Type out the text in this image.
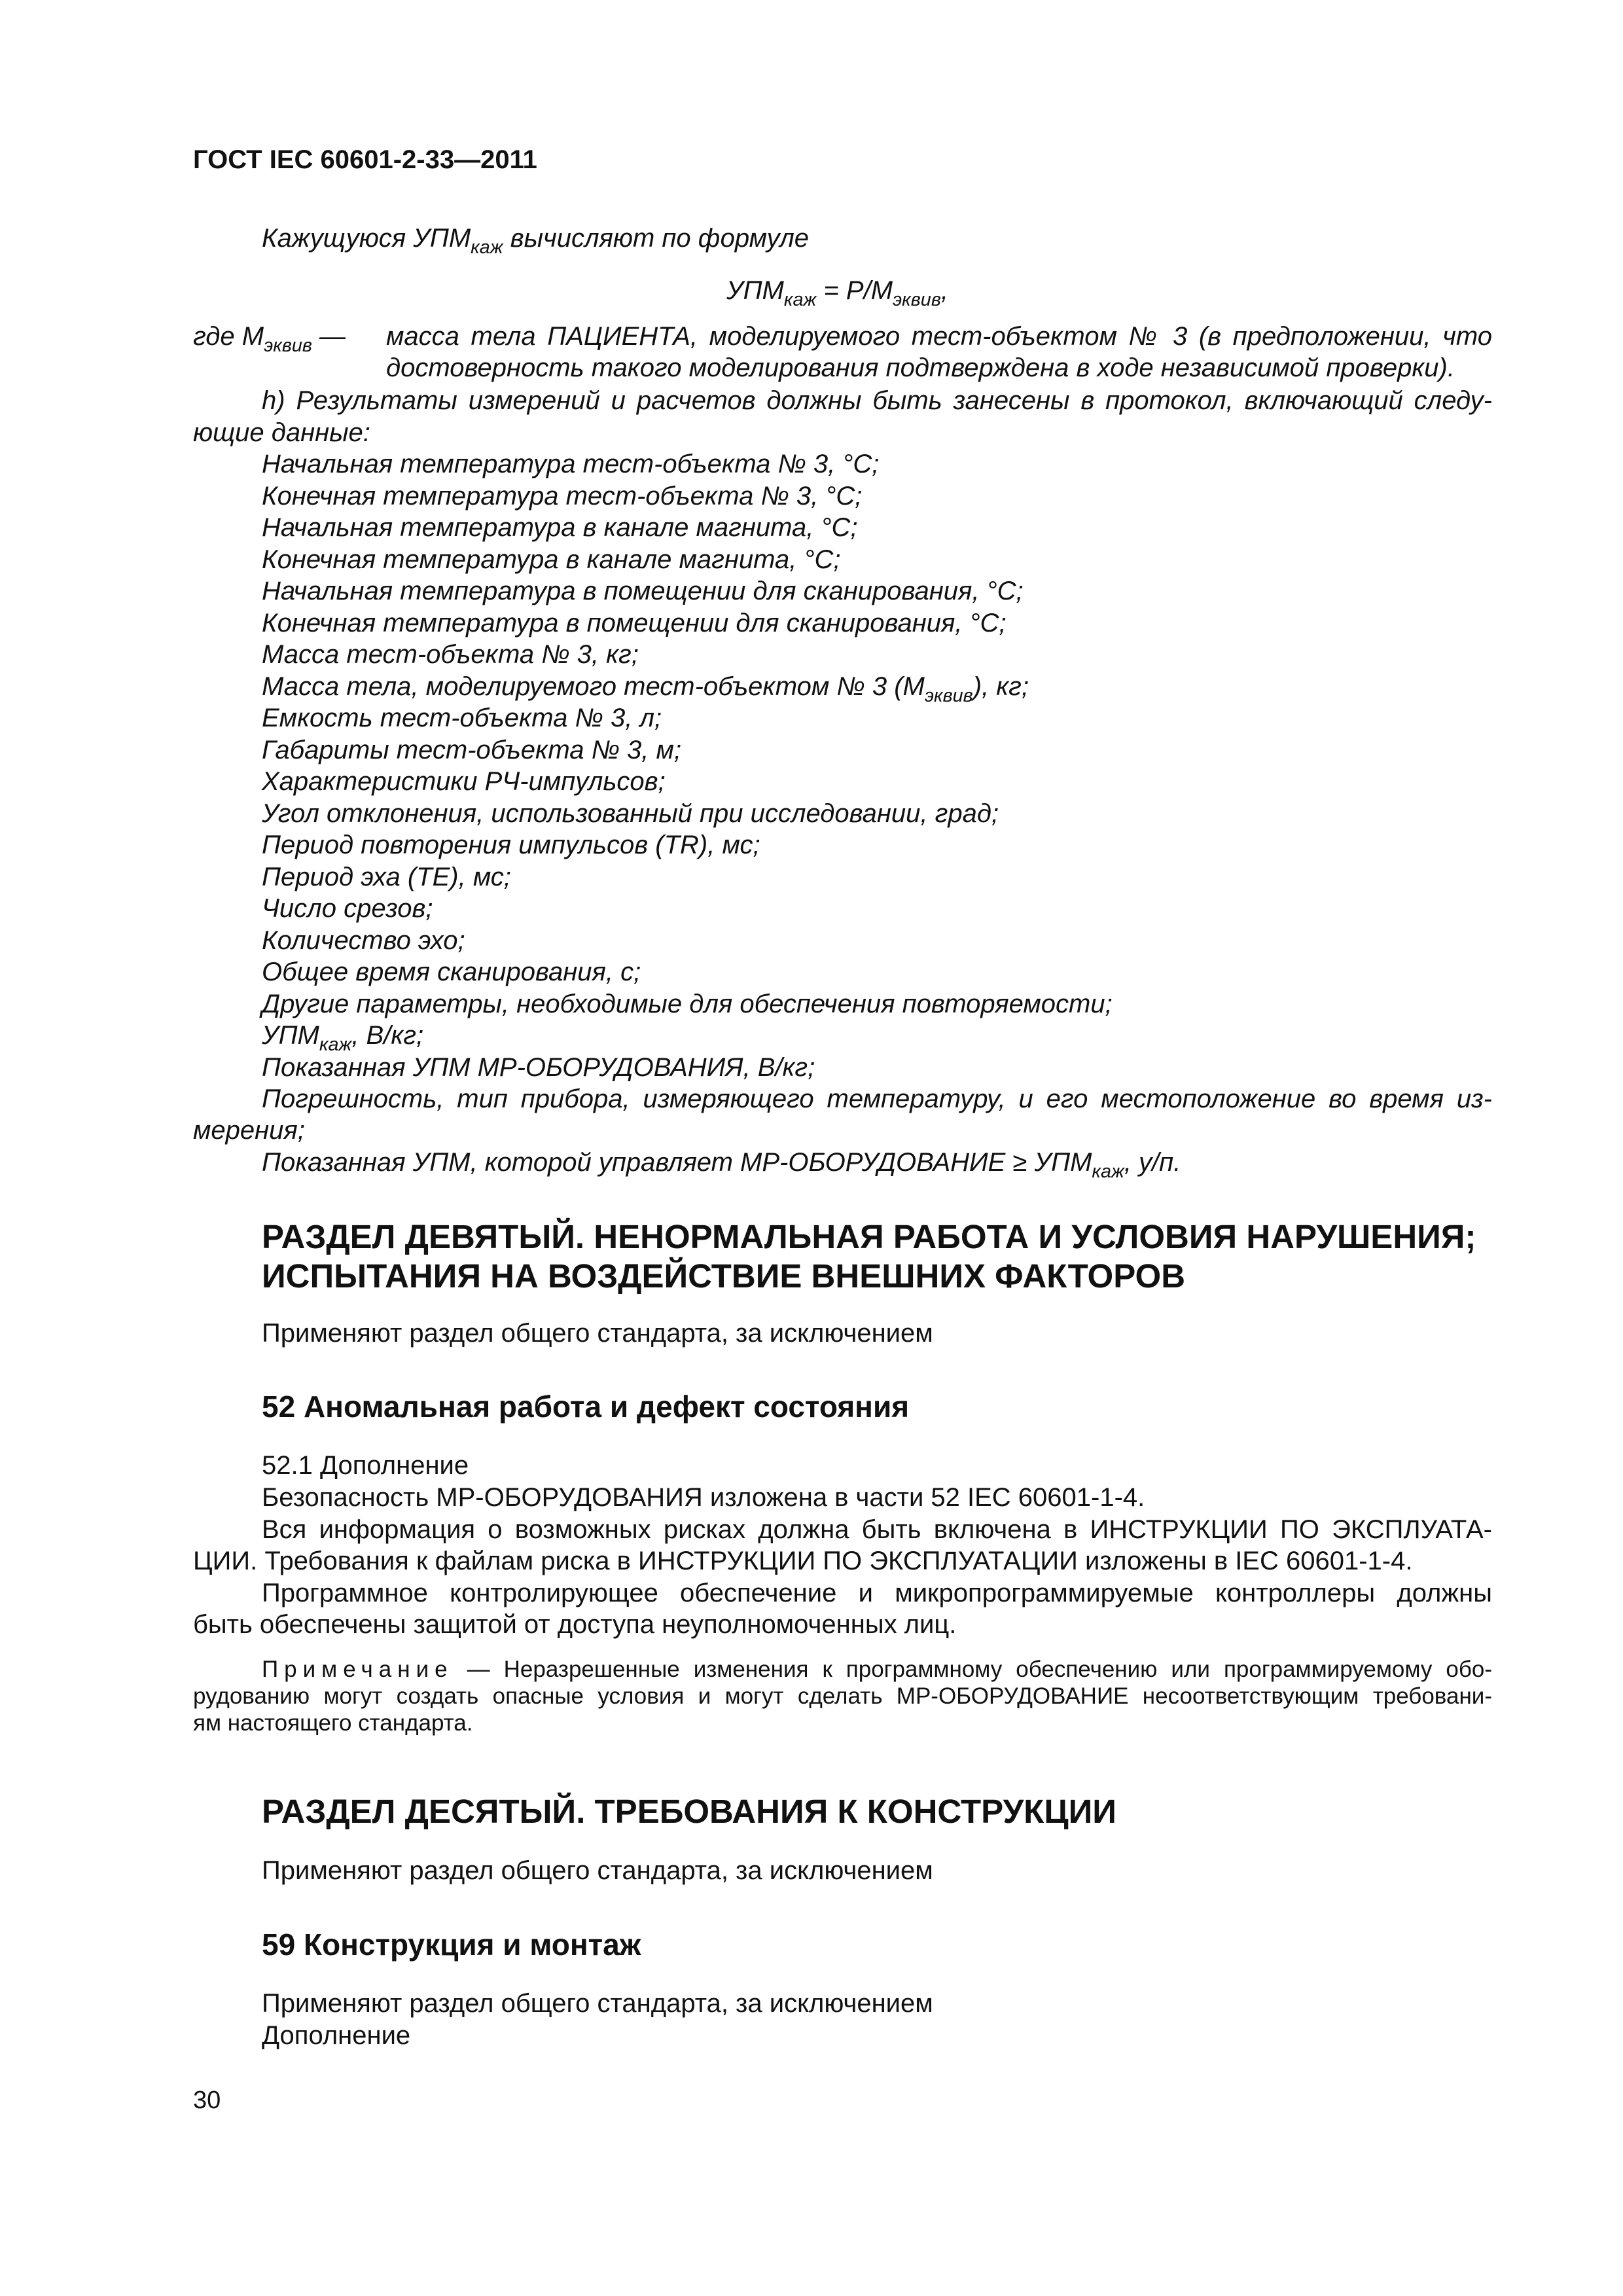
ГОСТ IEC 60601-2-33—2011
Кажущуюся $УПМ_{каж}$ вычисляют по формуле
$УПМ_{каж} = P/M_{эквив}$,
где $M_{эквив}$ — масса тела ПАЦИЕНТА, моделируемого тест-объектом № 3 (в предположении, что
достоверность такого моделирования подтверждена в ходе независимой проверки).
h) Результаты измерений и расчетов должны быть занесены в протокол, включающий следу-
ющие данные:
Начальная температура тест-объекта № 3, °С;
Конечная температура тест-объекта № 3, °С;
Начальная температура в канале магнита, °С;
Конечная температура в канале магнита, °С;
Начальная температура в помещении для сканирования, °С;
Конечная температура в помещении для сканирования, °С;
Масса тест-объекта № 3, кг;
Масса тела, моделируемого тест-объектом № 3 $(M_{эквив})$, кг;
Емкость тест-объекта № 3, л;
Габариты тест-объекта № 3, м;
Характеристики РЧ-импульсов;
Угол отклонения, использованный при исследовании, град;
Период повторения импульсов (TR), мс;
Период эха (TE), мс;
Число срезов;
Количество эхо;
Общее время сканирования, с;
Другие параметры, необходимые для обеспечения повторяемости;
$УПМ_{каж}$, В/кг;
Показанная УПМ МР-ОБОРУДОВАНИЯ, В/кг;
Погрешность, тип прибора, измеряющего температуру, и его местоположение во время из-
мерения;
Показанная УПМ, которой управляет МР-ОБОРУДОВАНИЕ ≥ $УПМ_{каж}$, у/п.
РАЗДЕЛ ДЕВЯТЫЙ. НЕНОРМАЛЬНАЯ РАБОТА И УСЛОВИЯ НАРУШЕНИЯ;
ИСПЫТАНИЯ НА ВОЗДЕЙСТВИЕ ВНЕШНИХ ФАКТОРОВ
Применяют раздел общего стандарта, за исключением
52 Аномальная работа и дефект состояния
52.1 Дополнение
Безопасность МР-ОБОРУДОВАНИЯ изложена в части 52 IEC 60601-1-4.
Вся информация о возможных рисках должна быть включена в ИНСТРУКЦИИ ПО ЭКСПЛУАТА-
ЦИИ. Требования к файлам риска в ИНСТРУКЦИИ ПО ЭКСПЛУАТАЦИИ изложены в IEC 60601-1-4.
Программное контролирующее обеспечение и микропрограммируемые контроллеры должны
быть обеспечены защитой от доступа неуполномоченных лиц.
Примечание — Неразрешенные изменения к программному обеспечению или программируемому обо-
рудованию могут создать опасные условия и могут сделать МР-ОБОРУДОВАНИЕ несоответствующим требовани-
ям настоящего стандарта.
РАЗДЕЛ ДЕСЯТЫЙ. ТРЕБОВАНИЯ К КОНСТРУКЦИИ
Применяют раздел общего стандарта, за исключением
59 Конструкция и монтаж
Применяют раздел общего стандарта, за исключением
Дополнение
30
